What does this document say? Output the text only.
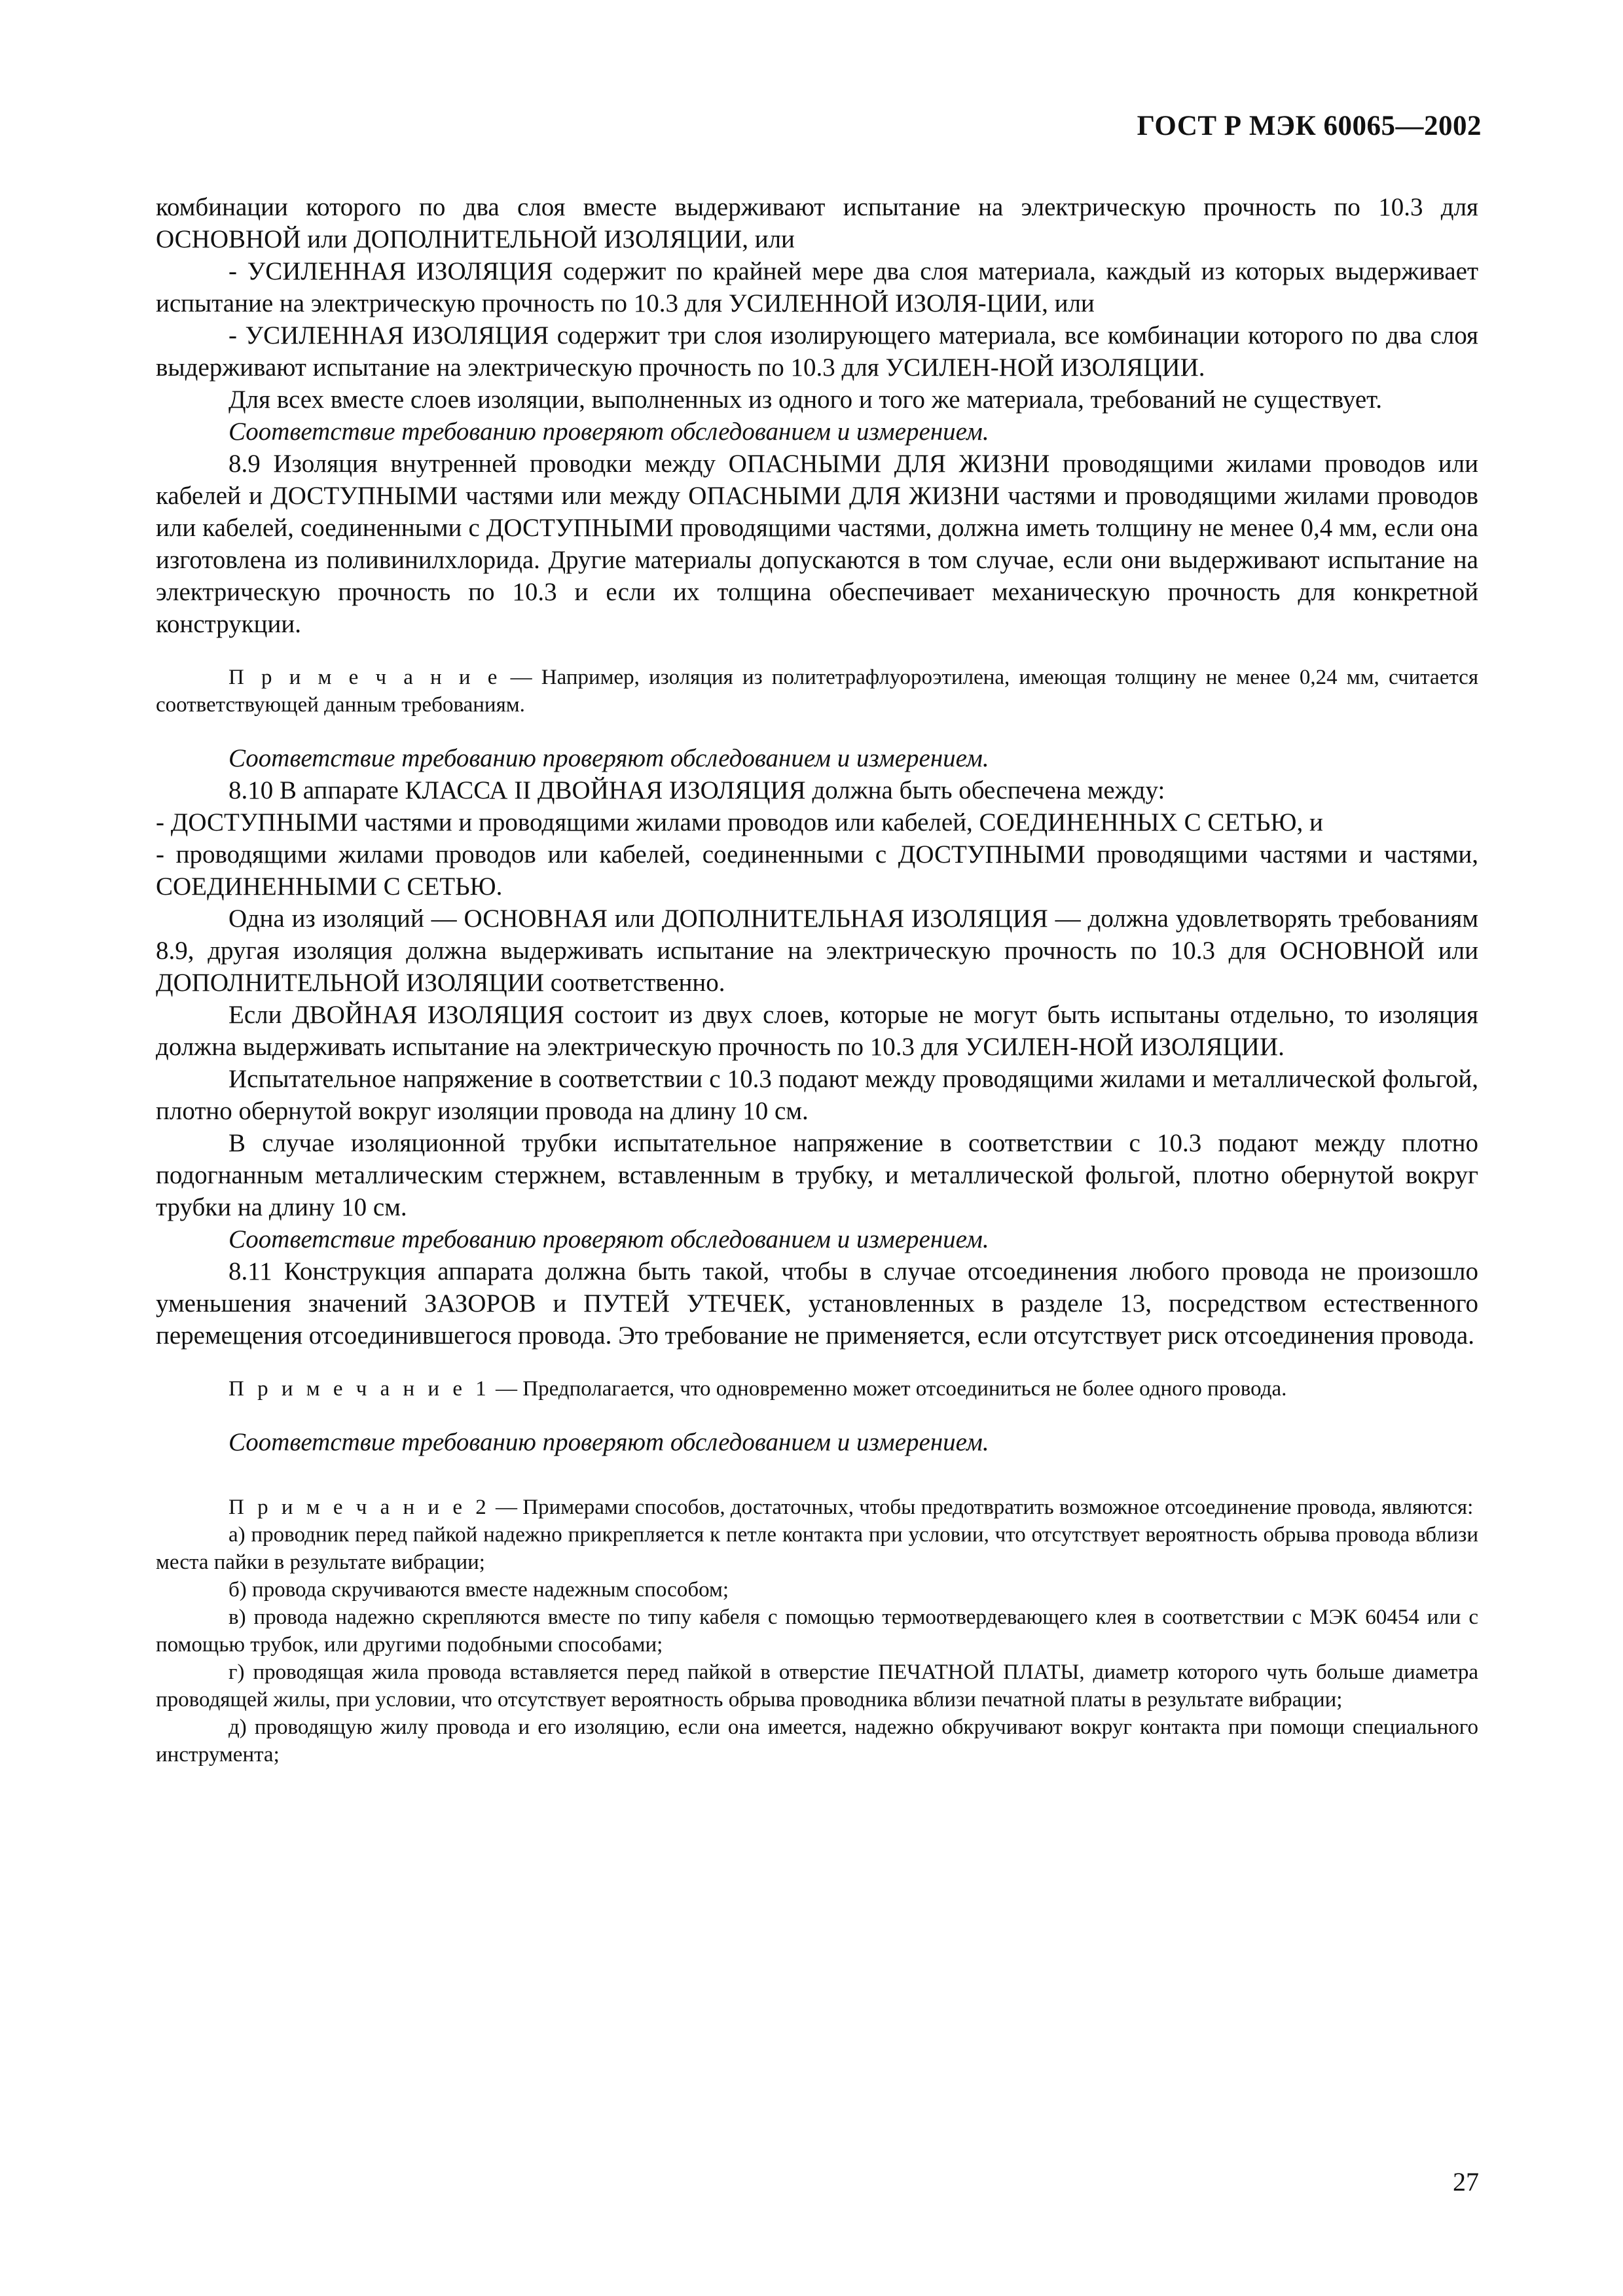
ГОСТ Р МЭК 60065—2002

комбинации которого по два слоя вместе выдерживают испытание на электрическую прочность по 10.3 для ОСНОВНОЙ или ДОПОЛНИТЕЛЬНОЙ ИЗОЛЯЦИИ, или

- УСИЛЕННАЯ ИЗОЛЯЦИЯ содержит по крайней мере два слоя материала, каждый из которых выдерживает испытание на электрическую прочность по 10.3 для УСИЛЕННОЙ ИЗОЛЯ-ЦИИ, или

- УСИЛЕННАЯ ИЗОЛЯЦИЯ содержит три слоя изолирующего материала, все комбинации которого по два слоя выдерживают испытание на электрическую прочность по 10.3 для УСИЛЕН-НОЙ ИЗОЛЯЦИИ.

Для всех вместе слоев изоляции, выполненных из одного и того же материала, требований не существует.

Соответствие требованию проверяют обследованием и измерением.

8.9 Изоляция внутренней проводки между ОПАСНЫМИ ДЛЯ ЖИЗНИ проводящими жилами проводов или кабелей и ДОСТУПНЫМИ частями или между ОПАСНЫМИ ДЛЯ ЖИЗНИ частями и проводящими жилами проводов или кабелей, соединенными с ДОСТУПНЫМИ проводящими частями, должна иметь толщину не менее 0,4 мм, если она изготовлена из поливинилхлорида. Другие материалы допускаются в том случае, если они выдерживают испытание на электрическую прочность по 10.3 и если их толщина обеспечивает механическую прочность для конкретной конструкции.

П р и м е ч а н и е — Например, изоляция из политетрафлуороэтилена, имеющая толщину не менее 0,24 мм, считается соответствующей данным требованиям.

Соответствие требованию проверяют обследованием и измерением.

8.10 В аппарате КЛАССА II ДВОЙНАЯ ИЗОЛЯЦИЯ должна быть обеспечена между:

- ДОСТУПНЫМИ частями и проводящими жилами проводов или кабелей, СОЕДИНЕННЫХ С СЕТЬЮ, и

- проводящими жилами проводов или кабелей, соединенными с ДОСТУПНЫМИ проводящими частями и частями, СОЕДИНЕННЫМИ С СЕТЬЮ.

Одна из изоляций — ОСНОВНАЯ или ДОПОЛНИТЕЛЬНАЯ ИЗОЛЯЦИЯ — должна удовлетворять требованиям 8.9, другая изоляция должна выдерживать испытание на электрическую прочность по 10.3 для ОСНОВНОЙ или ДОПОЛНИТЕЛЬНОЙ ИЗОЛЯЦИИ соответственно.

Если ДВОЙНАЯ ИЗОЛЯЦИЯ состоит из двух слоев, которые не могут быть испытаны отдельно, то изоляция должна выдерживать испытание на электрическую прочность по 10.3 для УСИЛЕН-НОЙ ИЗОЛЯЦИИ.

Испытательное напряжение в соответствии с 10.3 подают между проводящими жилами и металлической фольгой, плотно обернутой вокруг изоляции провода на длину 10 см.

В случае изоляционной трубки испытательное напряжение в соответствии с 10.3 подают между плотно подогнанным металлическим стержнем, вставленным в трубку, и металлической фольгой, плотно обернутой вокруг трубки на длину 10 см.

Соответствие требованию проверяют обследованием и измерением.

8.11 Конструкция аппарата должна быть такой, чтобы в случае отсоединения любого провода не произошло уменьшения значений ЗАЗОРОВ и ПУТЕЙ УТЕЧЕК, установленных в разделе 13, посредством естественного перемещения отсоединившегося провода. Это требование не применяется, если отсутствует риск отсоединения провода.

П р и м е ч а н и е 1 — Предполагается, что одновременно может отсоединиться не более одного провода.

Соответствие требованию проверяют обследованием и измерением.

П р и м е ч а н и е 2 — Примерами способов, достаточных, чтобы предотвратить возможное отсоединение провода, являются:

а) проводник перед пайкой надежно прикрепляется к петле контакта при условии, что отсутствует вероятность обрыва провода вблизи места пайки в результате вибрации;

б) провода скручиваются вместе надежным способом;

в) провода надежно скрепляются вместе по типу кабеля с помощью термоотвердевающего клея в соответствии с МЭК 60454 или с помощью трубок, или другими подобными способами;

г) проводящая жила провода вставляется перед пайкой в отверстие ПЕЧАТНОЙ ПЛАТЫ, диаметр которого чуть больше диаметра проводящей жилы, при условии, что отсутствует вероятность обрыва проводника вблизи печатной платы в результате вибрации;

д) проводящую жилу провода и его изоляцию, если она имеется, надежно обкручивают вокруг контакта при помощи специального инструмента;

27
